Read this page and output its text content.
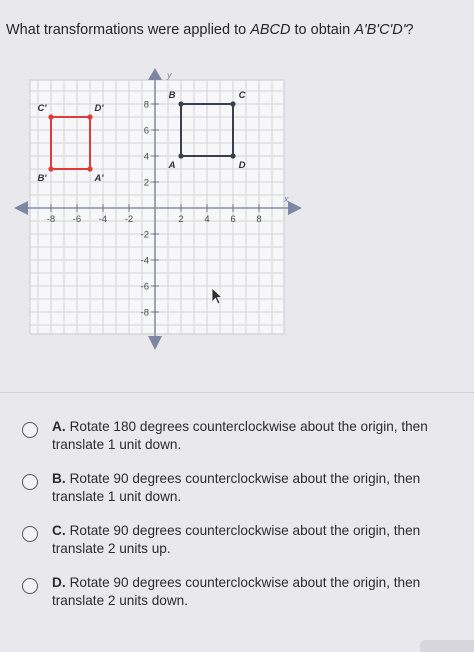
What transformations were applied to ABCD to obtain A'B'C'D'?
y
x
-8 -6 -4 -2	2 4 6 8
8
6
4
2
-2
-4
-6
-8
A
B	C
D
A'
B'
C'	D'
A. Rotate 180 degrees counterclockwise about the origin, then
translate 1 unit down.
B. Rotate 90 degrees counterclockwise about the origin, then
translate 1 unit down.
C. Rotate 90 degrees counterclockwise about the origin, then
translate 2 units up.
D. Rotate 90 degrees counterclockwise about the origin, then
translate 2 units down.
